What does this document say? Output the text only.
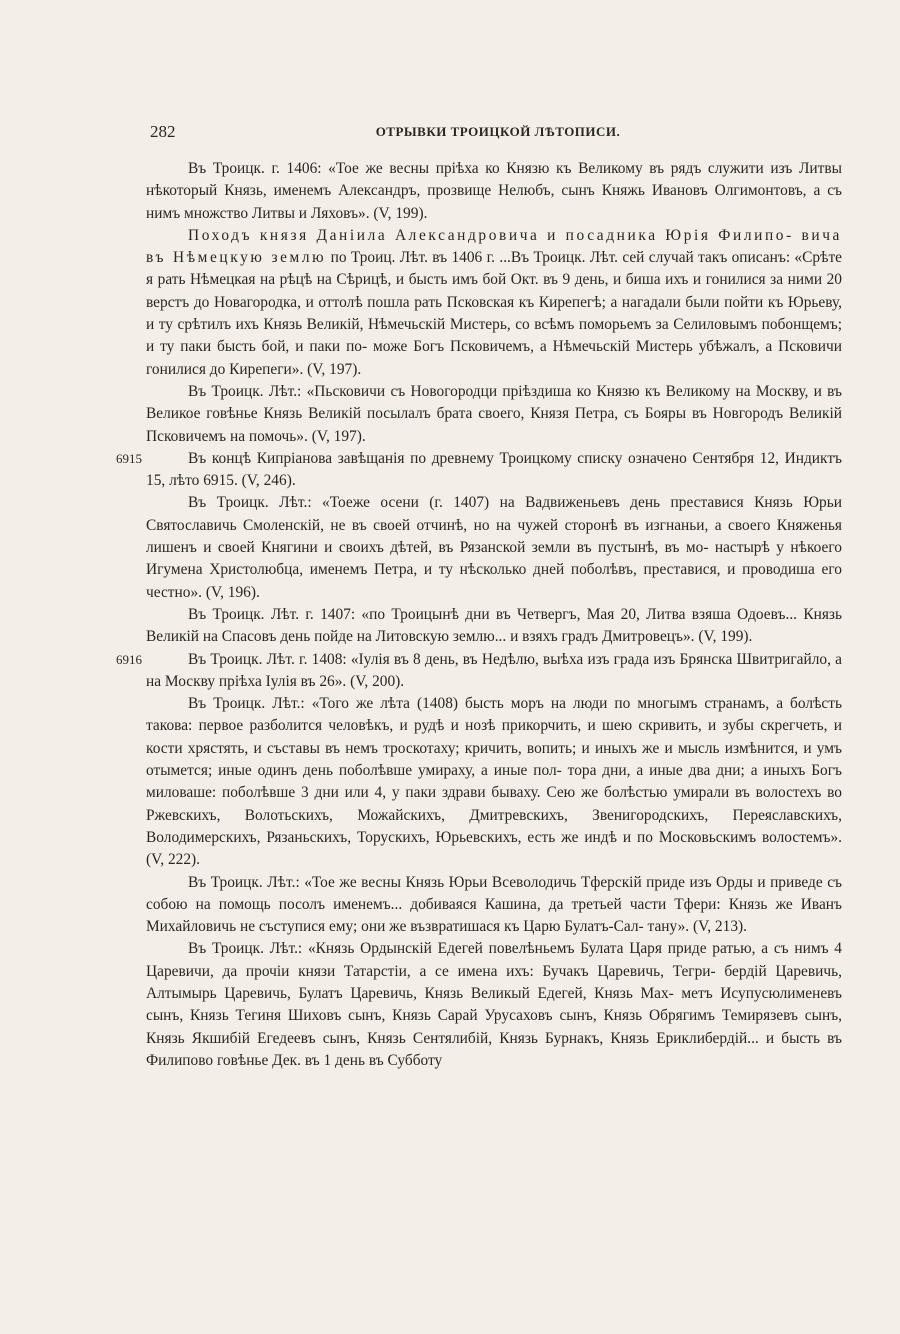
282	ОТРЫВКИ ТРОИЦКОЙ ЛѢТОПИСИ.

Въ Троицк. г. 1406: «Тое же весны прiѣха ко Князю къ Великому въ рядъ служити изъ Литвы нѣкоторый Князь, именемъ Александръ, прозвище Нелюбъ, сынъ Княжь Ивановъ Олгимонтовъ, а съ нимъ множство Литвы и Ляховъ». (V, 199).

Походъ князя Даніила Александровича и посадника Юрiя Филипо- вича въ Нѣмецкую землю по Троиц. Лѣт. въ 1406 г. ...Въ Троицк. Лѣт. сей случай такъ описанъ: «Срѣте я рать Нѣмецкая на рѣцѣ на Сѣрицѣ, и бысть имъ бой Окт. въ 9 день, и биша ихъ и гонилися за ними 20 верстъ до Новагородка, и оттолѣ пошла рать Псковская къ Кирепегѣ; а нагадали были пойти къ Юрьеву, и ту срѣтилъ ихъ Князь Великiй, Нѣмечьскiй Мистерь, со всѣмъ поморьемъ за Селиловымъ побонщемъ; и ту паки бысть бой, и паки по- може Богъ Псковичемъ, а Нѣмечьскiй Мистерь убѣжалъ, а Псковичи гонилися до Кирепеги». (V, 197).

Въ Троицк. Лѣт.: «Пьсковичи съ Новогородци прiѣздиша ко Князю къ Великому на Москву, и въ Великое говѣнье Князь Великiй посылалъ брата своего, Князя Петра, съ Бояры въ Новгородъ Великiй Псковичемъ на помочь». (V, 197).

6915	Въ концѣ Кипрiанова завѣщанія по древнему Троицкому списку означено Сентября 12, Индиктъ 15, лѣто 6915. (V, 246).

Въ Троицк. Лѣт.: «Тоеже осени (г. 1407) на Вадвиженьевъ день преставися Князь Юрьи Святославичь Смоленскiй, не въ своей отчинѣ, но на чужей сторонѣ въ изгнаньи, а своего Княженья лишенъ и своей Княгини и своихъ дѣтей, въ Рязанской земли въ пустынѣ, въ мо- настырѣ у нѣкоего Игумена Христолюбца, именемъ Петра, и ту нѣсколько дней поболѣвъ, преставися, и проводиша его честно». (V, 196).

Въ Троицк. Лѣт. г. 1407: «по Троицынѣ дни въ Четвергъ, Мая 20, Литва взяша Одоевъ... Князь Великiй на Спасовъ день пойде на Литовскую землю... и взяхъ градъ Дмитровецъ». (V, 199).

6916	Въ Троицк. Лѣт. г. 1408: «Iулiя въ 8 день, въ Недѣлю, выѣха изъ града изъ Брянска Швитригайло, а на Москву прiѣха Iулiя въ 26». (V, 200).

Въ Троицк. Лѣт.: «Того же лѣта (1408) бысть моръ на люди по многымъ странамъ, а болѣсть такова: первое разболится человѣкъ, и рудѣ и нозѣ прикорчить, и шею скривить, и зубы скрегчеть, и кости хрястять, и съставы въ немъ троскотаху; кричить, вопить; и иныхъ же и мысль измѣнится, и умъ отымется; иные одинъ день поболѣвше умираху, а иные пол- тора дни, а иные два дни; а иныхъ Богъ миловаше: поболѣвше 3 дни или 4, у паки здрави бываху. Сею же болѣстью умирали въ волостехъ во Ржевскихъ, Волотьскихъ, Можайскихъ, Дмитревскихъ, Звенигородскихъ, Переяславскихъ, Володимерскихъ, Рязаньскихъ, Торускихъ, Юрьевскихъ, есть же индѣ и по Московьскимъ волостемъ». (V, 222).

Въ Троицк. Лѣт.: «Тое же весны Князь Юрьи Всеволодичь Тферскiй приде изъ Орды и приведе съ собою на помощь посолъ именемъ... добиваяся Кашина, да третьей части Тфери: Князь же Иванъ Михайловичь не съступися ему; они же възвратишася къ Царю Булатъ-Сал- тану». (V, 213).

Въ Троицк. Лѣт.: «Князь Ордынскiй Едегей повелѣньемъ Булата Царя приде ратью, а съ нимъ 4 Царевичи, да прочiи князи Татарстiи, а се имена ихъ: Бучакъ Царевичь, Тегри- бердiй Царевичь, Алтымырь Царевичь, Булатъ Царевичь, Князь Великый Едегей, Князь Мах- метъ Исупусюлименевъ сынъ, Князь Тегиня Шиховъ сынъ, Князь Сарай Урусаховъ сынъ, Князь Обрягимъ Темирязевъ сынъ, Князь Якшибiй Егедеевъ сынъ, Князь Сентялибiй, Князь Бурнакъ, Князь Ериклибердiй... и бысть въ Филипово говѣнье Дек. въ 1 день въ Субботу
